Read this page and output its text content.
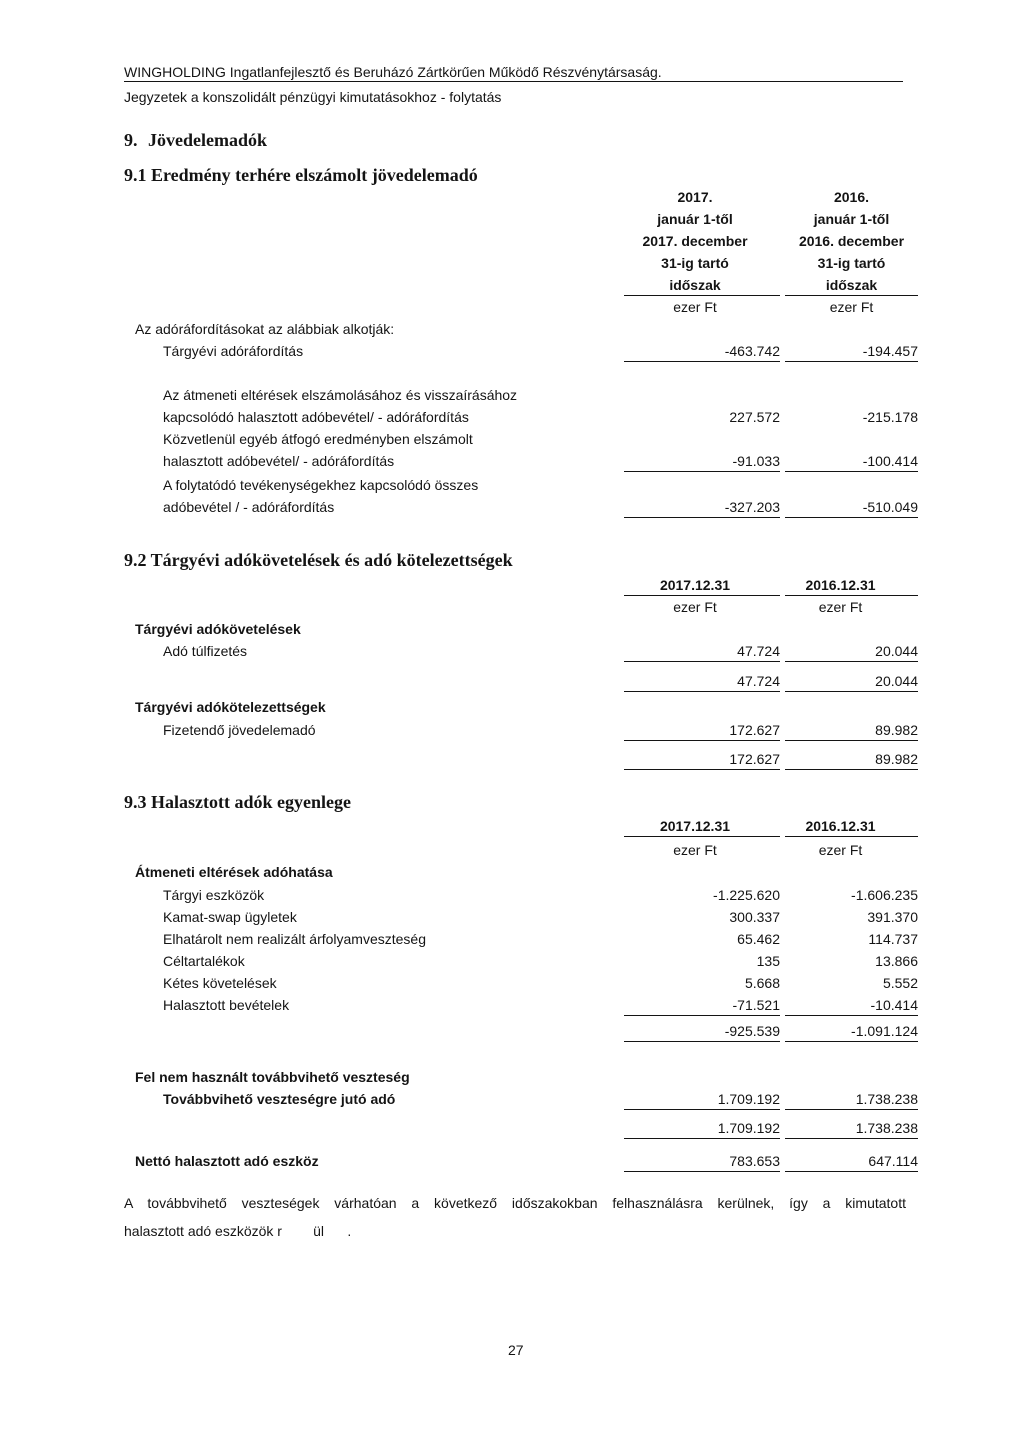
WINGHOLDING Ingatlanfejlesztő és Beruházó Zártkörűen Működő Részvénytársaság.
Jegyzetek a konszolidált pénzügyi kimutatásokhoz - folytatás
9. Jövedelemadók
9.1 Eredmény terhére elszámolt jövedelemadó
2017.	2016.
január 1-től	január 1-től
2017. december	2016. december
31-ig tartó	31-ig tartó
időszak	időszak
ezer Ft	ezer Ft
Az adóráfordításokat az alábbiak alkotják:
Tárgyévi adóráfordítás	-463.742	-194.457
Az átmeneti eltérések elszámolásához és visszaírásához
kapcsolódó halasztott adóbevétel/ - adóráfordítás	227.572	-215.178
Közvetlenül egyéb átfogó eredményben elszámolt
halasztott adóbevétel/ - adóráfordítás	-91.033	-100.414
A folytatódó tevékenységekhez kapcsolódó összes
adóbevétel / - adóráfordítás	-327.203	-510.049
9.2 Tárgyévi adókövetelések és adó kötelezettségek
2017.12.31	2016.12.31
ezer Ft	ezer Ft
Tárgyévi adókövetelések
Adó túlfizetés	47.724	20.044
47.724	20.044
Tárgyévi adókötelezettségek
Fizetendő jövedelemadó	172.627	89.982
172.627	89.982
9.3 Halasztott adók egyenlege
2017.12.31	2016.12.31
ezer Ft	ezer Ft
Átmeneti eltérések adóhatása
Tárgyi eszközök	-1.225.620	-1.606.235
Kamat-swap ügyletek	300.337	391.370
Elhatárolt nem realizált árfolyamveszteség	65.462	114.737
Céltartalékok	135	13.866
Kétes követelések	5.668	5.552
Halasztott bevételek	-71.521	-10.414
-925.539	-1.091.124
Fel nem használt továbbvihető veszteség
Továbbvihető veszteségre jutó adó	1.709.192	1.738.238
1.709.192	1.738.238
Nettó halasztott adó eszköz	783.653	647.114
A továbbvihető veszteségek várhatóan a következő időszakokban felhasználásra kerülnek, így a kimutatott
halasztott adó eszközök r        ül      .
27
